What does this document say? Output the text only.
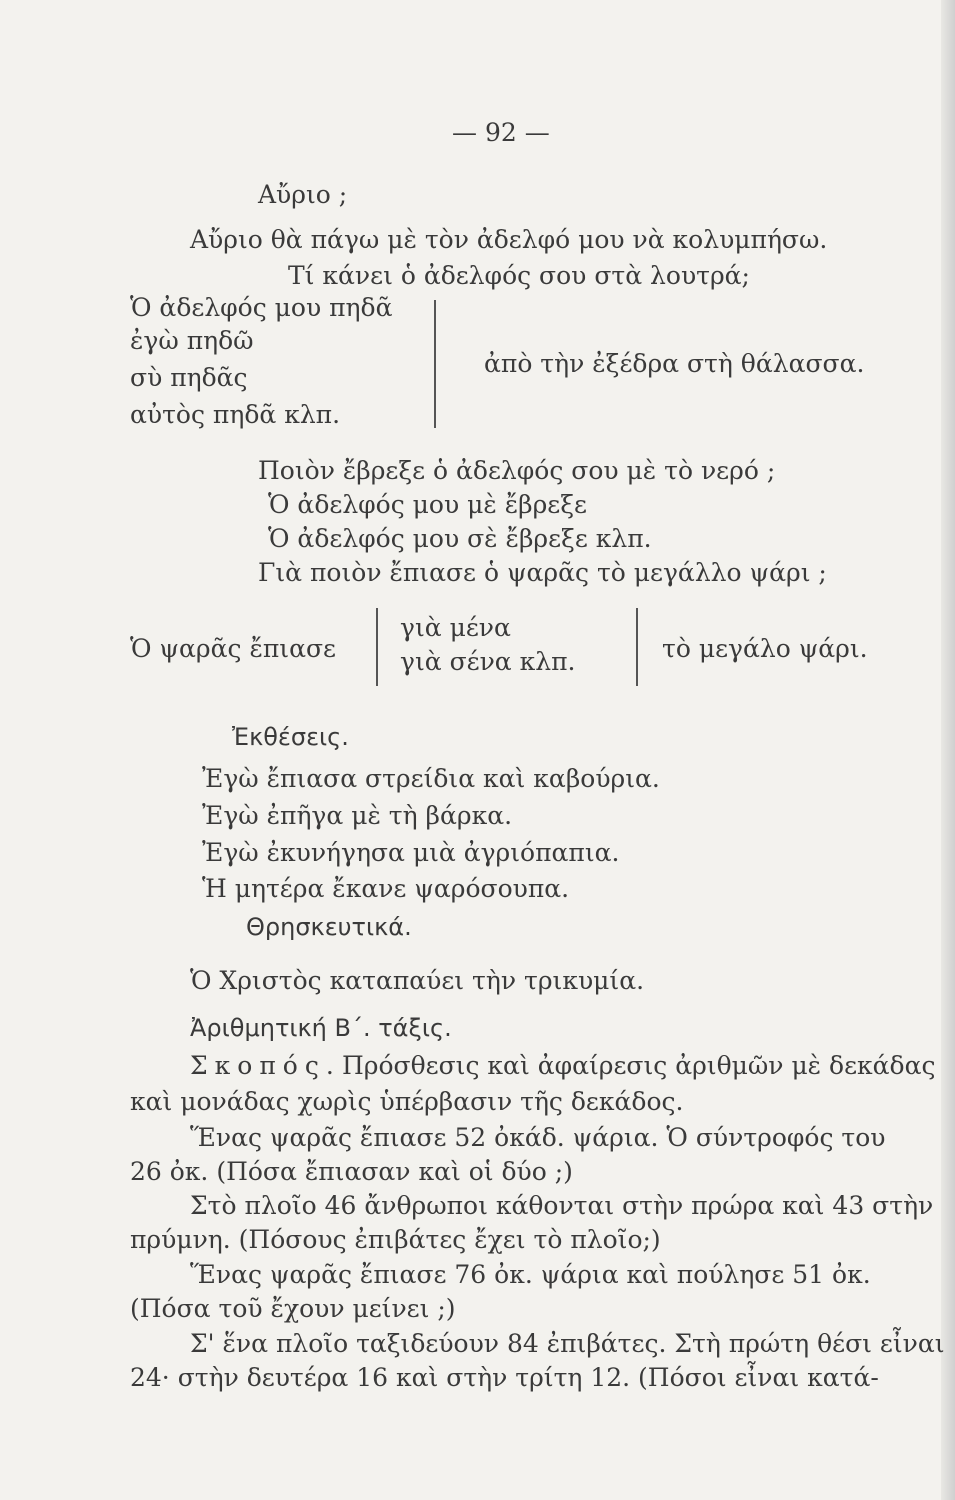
— 92 —
Αὔριο ;
Αὔριο θὰ πάγω μὲ τὸν ἀδελφό μου νὰ κολυμπήσω.
Τί κάνει ὁ ἀδελφός σου στὰ λουτρά;
Ὁ ἀδελφός μου πηδᾶ
ἐγὼ πηδῶ
σὺ πηδᾶς
αὐτὸς πηδᾶ κλπ.
ἀπὸ τὴν ἐξέδρα στὴ θάλασσα.
Ποιὸν ἔβρεξε ὁ ἀδελφός σου μὲ τὸ νερό ;
Ὁ ἀδελφός μου μὲ ἔβρεξε
Ὁ ἀδελφός μου σὲ ἔβρεξε κλπ.
Γιὰ ποιὸν ἔπιασε ὁ ψαρᾶς τὸ μεγάλλο ψάρι ;
Ὁ ψαρᾶς ἔπιασε
γιὰ μένα
γιὰ σένα κλπ.	τὸ μεγάλο ψάρι.
Ἐκθέσεις.
Ἐγὼ ἔπιασα στρείδια καὶ καβούρια.
Ἐγὼ ἐπῆγα μὲ τὴ βάρκα.
Ἐγὼ ἐκυνήγησα μιὰ ἀγριόπαπια.
Ἡ μητέρα ἔκανε ψαρόσουπα.
Θρησκευτικά.
Ὁ Χριστὸς καταπαύει τὴν τρικυμία.
Ἀριθμητική Β΄. τάξις.
Σκοπός. Πρόσθεσις καὶ ἀφαίρεσις ἀριθμῶν μὲ δεκάδας
καὶ μονάδας χωρὶς ὑπέρβασιν τῆς δεκάδος.
Ἕνας ψαρᾶς ἔπιασε 52 ὀκάδ. ψάρια. Ὁ σύντροφός του
26 ὀκ. (Πόσα ἔπιασαν καὶ οἱ δύο ;)
Στὸ πλοῖο 46 ἄνθρωποι κάθονται στὴν πρώρα καὶ 43 στὴν
πρύμνη. (Πόσους ἐπιβάτες ἔχει τὸ πλοῖο;)
Ἕνας ψαρᾶς ἔπιασε 76 ὀκ. ψάρια καὶ πούλησε 51 ὀκ.
(Πόσα τοῦ ἔχουν μείνει ;)
Σ' ἕνα πλοῖο ταξιδεύουν 84 ἐπιβάτες. Στὴ πρώτη θέσι εἶναι
24· στὴν δευτέρα 16 καὶ στὴν τρίτη 12. (Πόσοι εἶναι κατά-
